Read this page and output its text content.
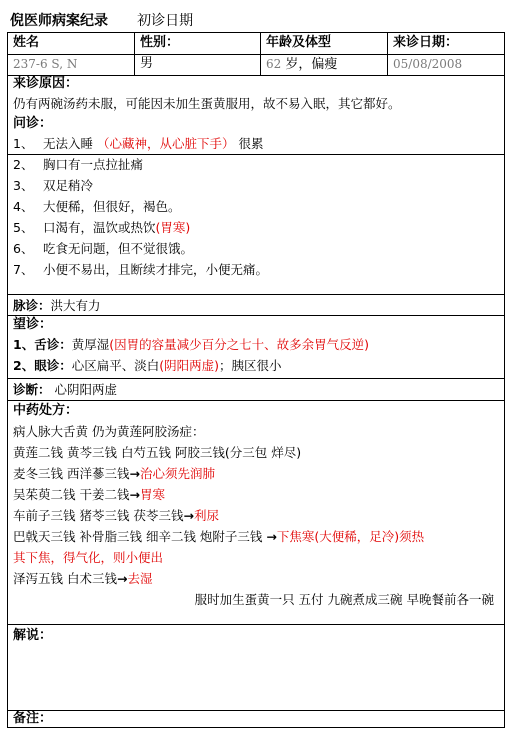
倪医师病案纪录 初诊日期
姓名	性别：	年龄及体型	来诊日期：
237-6 S, N	男	62 岁，偏瘦	05/08/2008
来诊原因：
仍有两碗汤药未服，可能因未加生蛋黄服用，故不易入眠，其它都好。
问诊：
1、 无法入睡 （心藏神，从心脏下手） 很累
2、 胸口有一点拉扯痛
3、 双足稍冷
4、 大便稀，但很好，褐色。
5、 口渴有，温饮或热饮(胃寒)
6、 吃食无问题，但不觉很饿。
7、 小便不易出，且断续才排完，小便无痛。
脉诊：洪大有力
望诊：
1、舌诊：黄厚湿(因胃的容量减少百分之七十、故多余胃气反逆)
2、眼诊：心区扁平、淡白(阴阳两虚)；胰区很小
诊断： 心阴阳两虚
中药处方：
病人脉大舌黄 仍为黄莲阿胶汤症：
黄莲二钱 黄芩三钱 白芍五钱 阿胶三钱(分三包 烊尽)
麦冬三钱 西洋蔘三钱→治心须先润肺
吴茱萸二钱 干姜二钱→胃寒
车前子三钱 猪苓三钱 茯苓三钱→利尿
巴戟天三钱 补骨脂三钱 细辛二钱 炮附子三钱 →下焦寒(大便稀，足冷)须热
其下焦，得气化，则小便出
泽泻五钱 白术三钱→去湿
服时加生蛋黄一只 五付 九碗煮成三碗 早晚餐前各一碗
解说：
备注：
